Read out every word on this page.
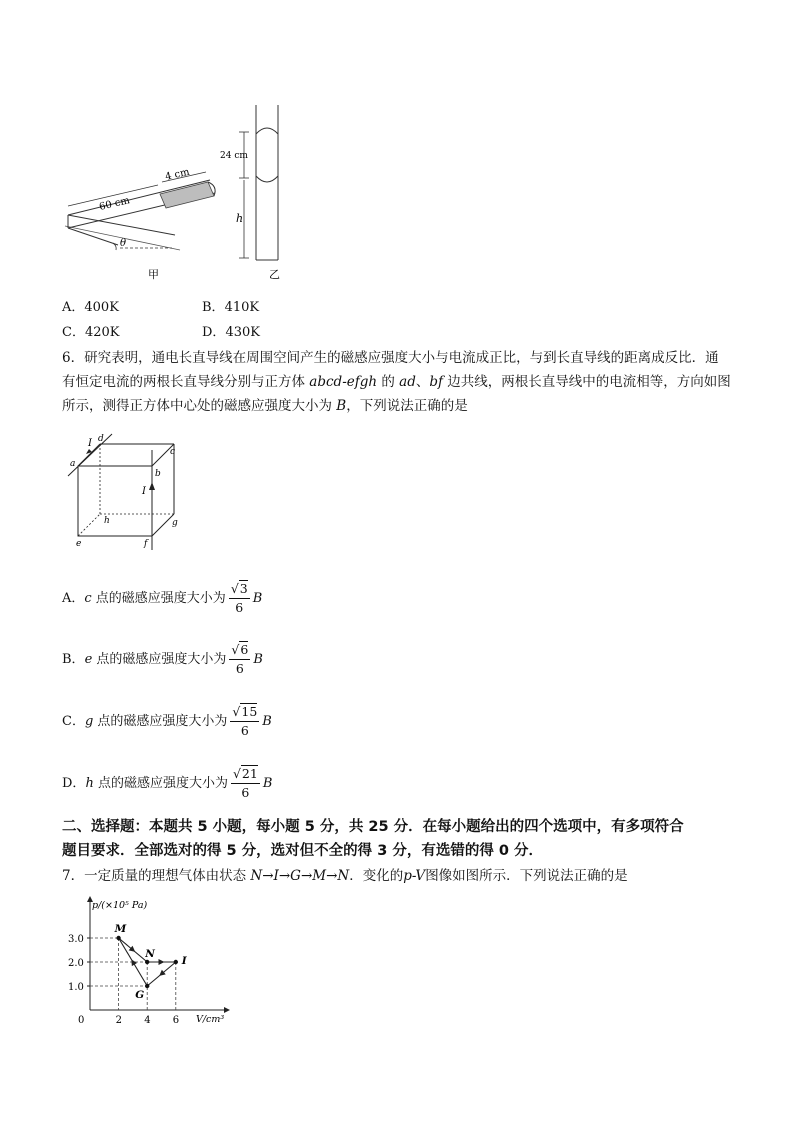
60 cm
4 cm
θ
甲
24 cm
h
乙
A．400K	B．410K
C．420K	D．430K
6．研究表明，通电长直导线在周围空间产生的磁感应强度大小与电流成正比，与到长直导线的距离成反比．通
有恒定电流的两根长直导线分别与正方体 abcd-efgh 的 ad、bf 边共线，两根长直导线中的电流相等，方向如图
所示，测得正方体中心处的磁感应强度大小为 B，下列说法正确的是
I d
a
c
b
I
h	g
e	f
A．c 点的磁感应强度大小为 $\frac{√3}{6}$ B
B．e 点的磁感应强度大小为 $\frac{√6}{6}$ B
C．g 点的磁感应强度大小为 $\frac{√15}{6}$ B
D．h 点的磁感应强度大小为 $\frac{√21}{6}$ B
二、选择题：本题共 5 小题，每小题 5 分，共 25 分．在每小题给出的四个选项中，有多项符合
题目要求．全部选对的得 5 分，选对但不全的得 3 分，有选错的得 0 分．
7．一定质量的理想气体由状态 N→I→G→M→N．变化的p-V图像如图所示．下列说法正确的是
p/(×10⁵ Pa)
V/cm³
3.0
2.0
1.0
0	2 4 6
M
N
I
G
